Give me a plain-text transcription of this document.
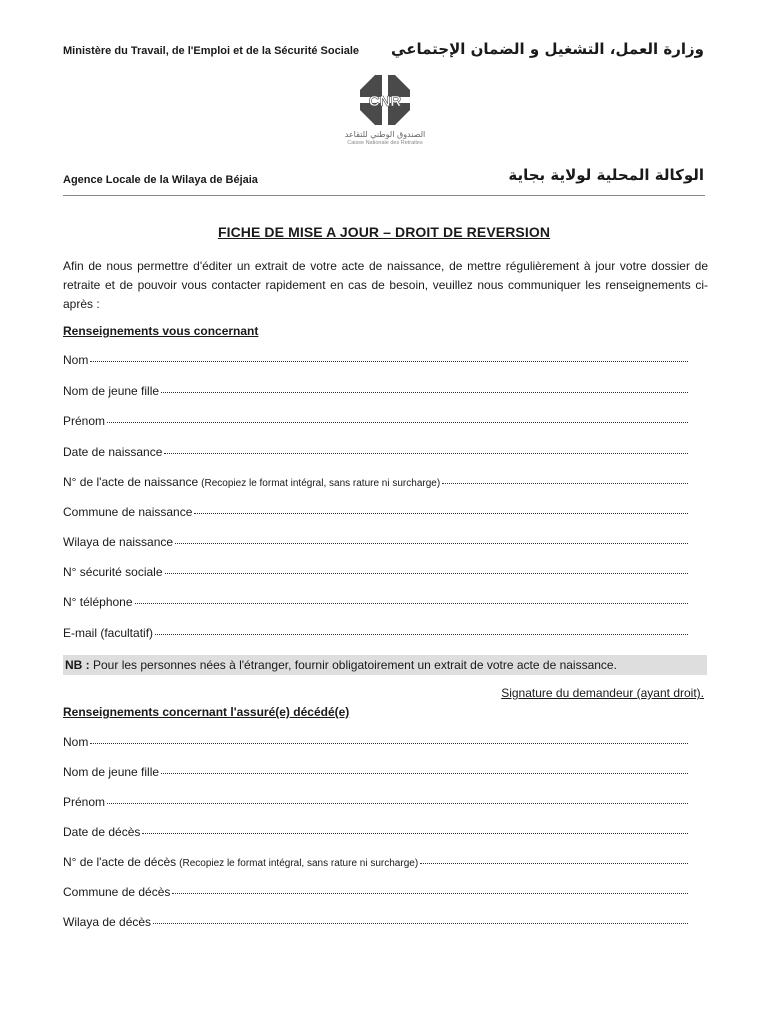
Ministère du Travail, de l'Emploi et de la Sécurité Sociale وزارة العمل، التشغيل و الضمان الإجتماعي
CNR
الصندوق الوطني للتقاعد
Caisse Nationale des Retraites
Agence Locale de la Wilaya de Béjaia	الوكالة المحلية لولاية بجاية
FICHE DE MISE A JOUR – DROIT DE REVERSION
Afin de nous permettre d'éditer un extrait de votre acte de naissance, de mettre régulièrement à jour votre dossier de retraite et de pouvoir vous contacter rapidement en cas de besoin, veuillez nous communiquer les renseignements ci-après :
Renseignements vous concernant
Nom
Nom de jeune fille
Prénom
Date de naissance
N° de l'acte de naissance (Recopiez le format intégral, sans rature ni surcharge)
Commune de naissance
Wilaya de naissance
N° sécurité sociale
N° téléphone
E-mail (facultatif)
NB : Pour les personnes nées à l'étranger, fournir obligatoirement un extrait de votre acte de naissance.
Signature du demandeur (ayant droit).
Renseignements concernant l'assuré(e) décédé(e)
Nom
Nom de jeune fille
Prénom
Date de décès
N° de l'acte de décès (Recopiez le format intégral, sans rature ni surcharge)
Commune de décès
Wilaya de décès
